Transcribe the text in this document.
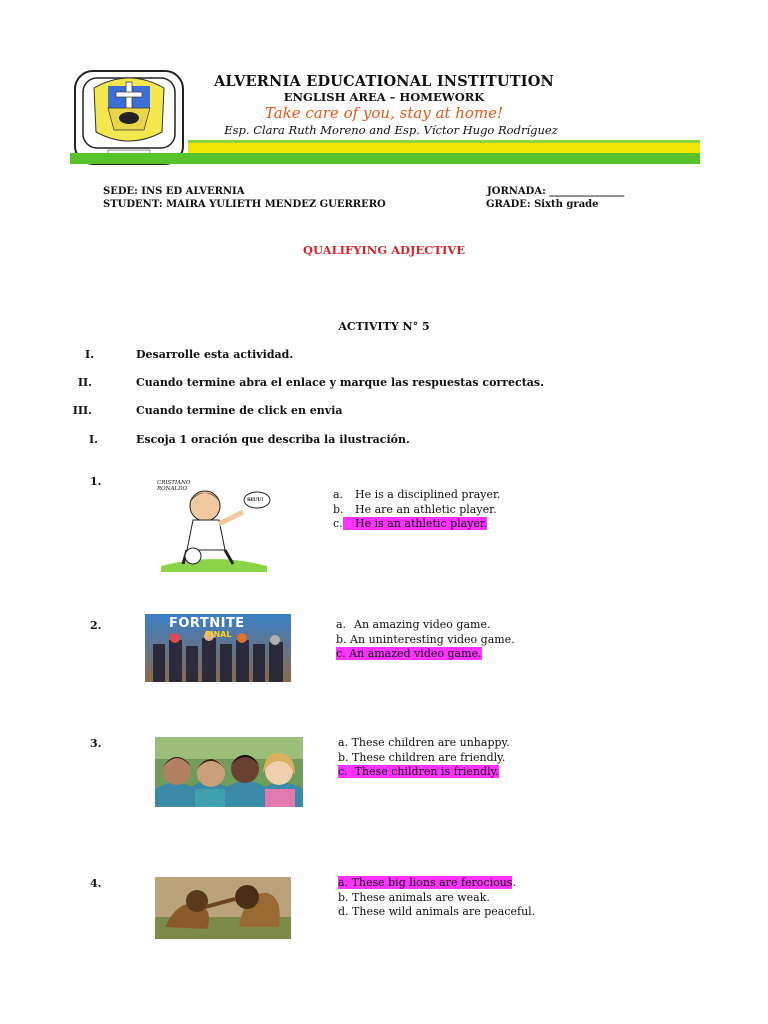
ALVERNIA EDUCATIONAL INSTITUTION
ENGLISH AREA – HOMEWORK
Take care of you, stay at home!
Esp. Clara Ruth Moreno and Esp. Víctor Hugo Rodríguez
SEDE: INS ED ALVERNIA
STUDENT: MAIRA YULIETH MENDEZ GUERRERO
JORNADA: _______________
GRADE: Sixth grade
QUALIFYING ADJECTIVE
ACTIVITY N° 5
I.	Desarrolle esta actividad.
II.	Cuando termine abra el enlace y marque las respuestas correctas.
III.	Cuando termine de click en envia
I.	Escoja 1 oración que describa la ilustración.
1.	CRISTIANO RONALDO
SIUU!	a. He is a disciplined prayer.
b. He are an athletic player.
c. He is an athletic player.
2.	FORTNITE
FINAL
a. An amazing video game.
b. An uninteresting video game.
c. An amazed video game.
3.	a. These children are unhappy.
b. These children are friendly.
c. These children is friendly.
4.	a. These big lions are ferocious.
b. These animals are weak.
d. These wild animals are peaceful.
